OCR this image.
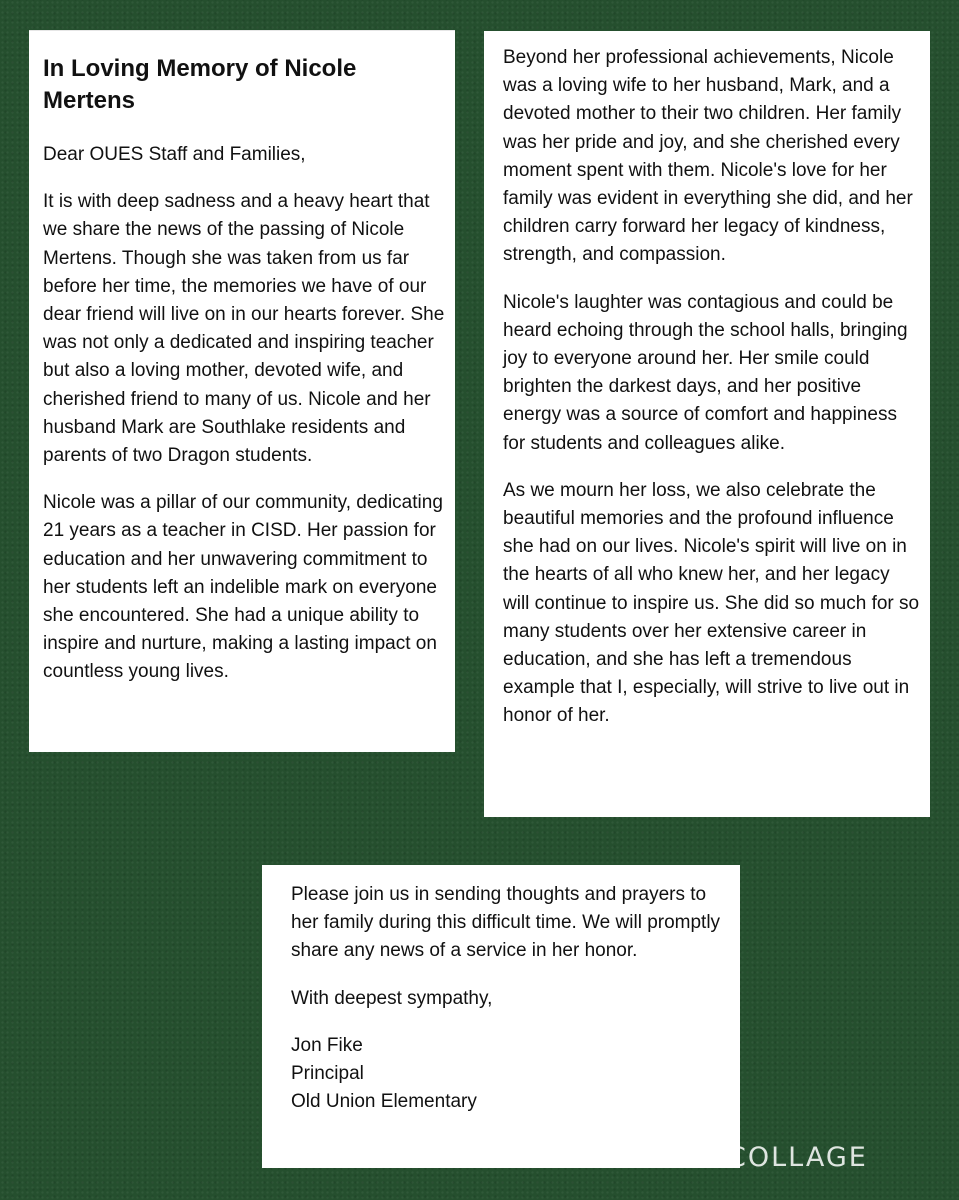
In Loving Memory of Nicole Mertens

Dear OUES Staff and Families,

It is with deep sadness and a heavy heart that we share the news of the passing of Nicole Mertens. Though she was taken from us far before her time, the memories we have of our dear friend will live on in our hearts forever. She was not only a dedicated and inspiring teacher but also a loving mother, devoted wife, and cherished friend to many of us. Nicole and her husband Mark are Southlake residents and parents of two Dragon students.

Nicole was a pillar of our community, dedicating 21 years as a teacher in CISD. Her passion for education and her unwavering commitment to her students left an indelible mark on everyone she encountered. She had a unique ability to inspire and nurture, making a lasting impact on countless young lives.

Beyond her professional achievements, Nicole was a loving wife to her husband, Mark, and a devoted mother to their two children. Her family was her pride and joy, and she cherished every moment spent with them. Nicole's love for her family was evident in everything she did, and her children carry forward her legacy of kindness, strength, and compassion.

Nicole's laughter was contagious and could be heard echoing through the school halls, bringing joy to everyone around her. Her smile could brighten the darkest days, and her positive energy was a source of comfort and happiness for students and colleagues alike.

As we mourn her loss, we also celebrate the beautiful memories and the profound influence she had on our lives. Nicole's spirit will live on in the hearts of all who knew her, and her legacy will continue to inspire us. She did so much for so many students over her extensive career in education, and she has left a tremendous example that I, especially, will strive to live out in honor of her.

Please join us in sending thoughts and prayers to her family during this difficult time. We will promptly share any news of a service in her honor.

With deepest sympathy,

Jon Fike
Principal
Old Union Elementary

PIC•COLLAGE
